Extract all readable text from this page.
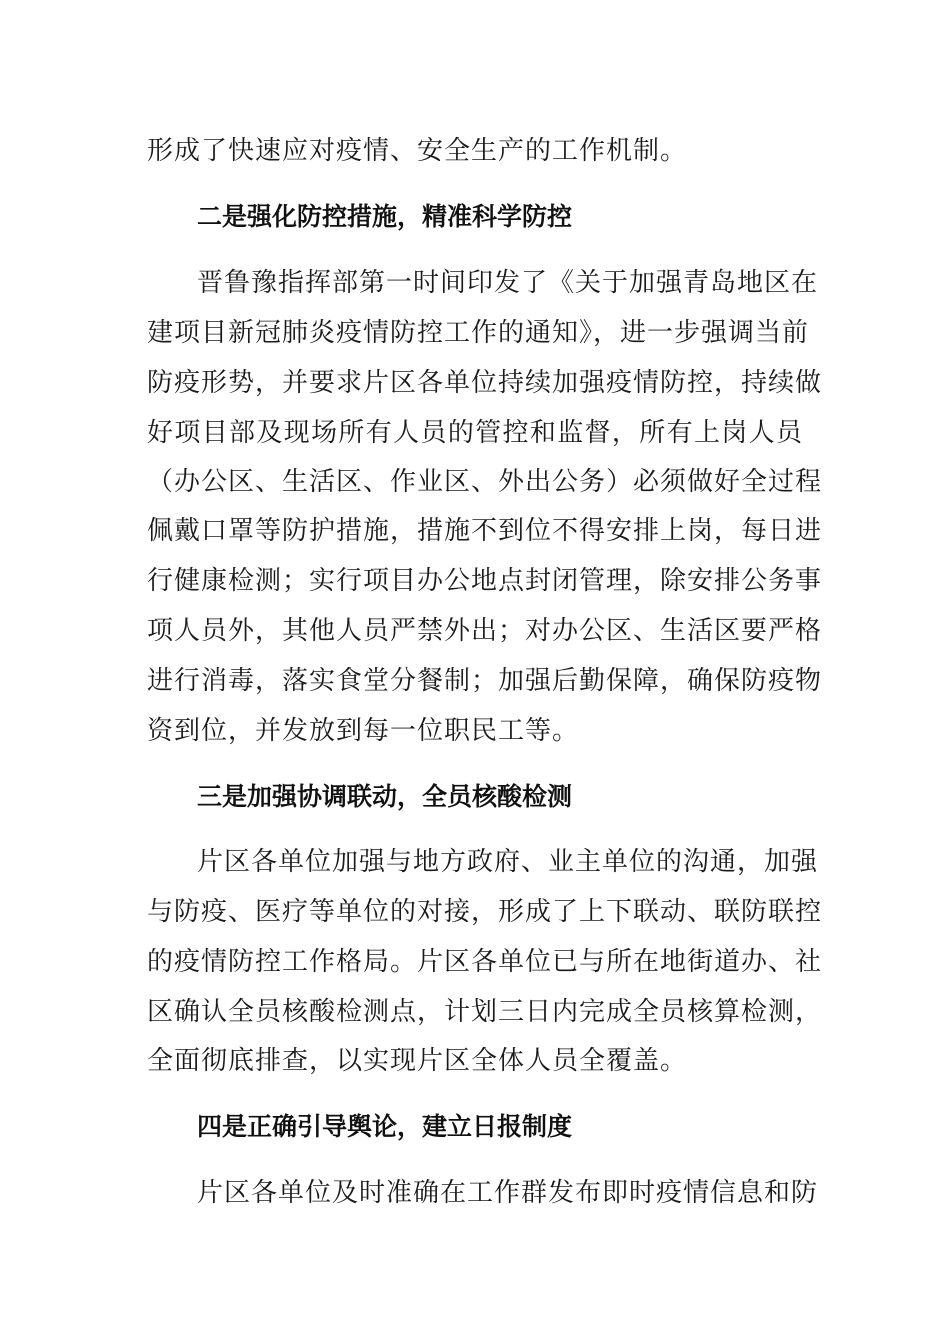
形成了快速应对疫情、安全生产的工作机制。
二是强化防控措施，精准科学防控
晋鲁豫指挥部第一时间印发了《关于加强青岛地区在
建项目新冠肺炎疫情防控工作的通知》，进一步强调当前
防疫形势，并要求片区各单位持续加强疫情防控，持续做
好项目部及现场所有人员的管控和监督，所有上岗人员
（办公区、生活区、作业区、外出公务）必须做好全过程
佩戴口罩等防护措施，措施不到位不得安排上岗，每日进
行健康检测；实行项目办公地点封闭管理，除安排公务事
项人员外，其他人员严禁外出；对办公区、生活区要严格
进行消毒，落实食堂分餐制；加强后勤保障，确保防疫物
资到位，并发放到每一位职民工等。
三是加强协调联动，全员核酸检测
片区各单位加强与地方政府、业主单位的沟通，加强
与防疫、医疗等单位的对接，形成了上下联动、联防联控
的疫情防控工作格局。片区各单位已与所在地街道办、社
区确认全员核酸检测点，计划三日内完成全员核算检测，
全面彻底排查，以实现片区全体人员全覆盖。
四是正确引导舆论，建立日报制度
片区各单位及时准确在工作群发布即时疫情信息和防
